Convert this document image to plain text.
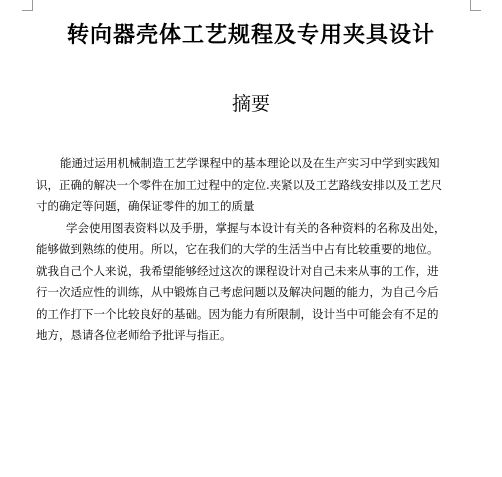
转向器壳体工艺规程及专用夹具设计
摘要
能通过运用机械制造工艺学课程中的基本理论以及在生产实习中学到实践知
识，正确的解决一个零件在加工过程中的定位.夹紧以及工艺路线安排以及工艺尺
寸的确定等问题，确保证零件的加工的质量
学会使用图表资料以及手册，掌握与本设计有关的各种资料的名称及出处，
能够做到熟练的使用。所以，它在我们的大学的生活当中占有比较重要的地位。
就我自己个人来说，我希望能够经过这次的课程设计对自己未来从事的工作，进
行一次适应性的训练，从中锻炼自己考虑问题以及解决问题的能力，为自己今后
的工作打下一个比较良好的基础。因为能力有所限制，设计当中可能会有不足的
地方，恳请各位老师给予批评与指正。
